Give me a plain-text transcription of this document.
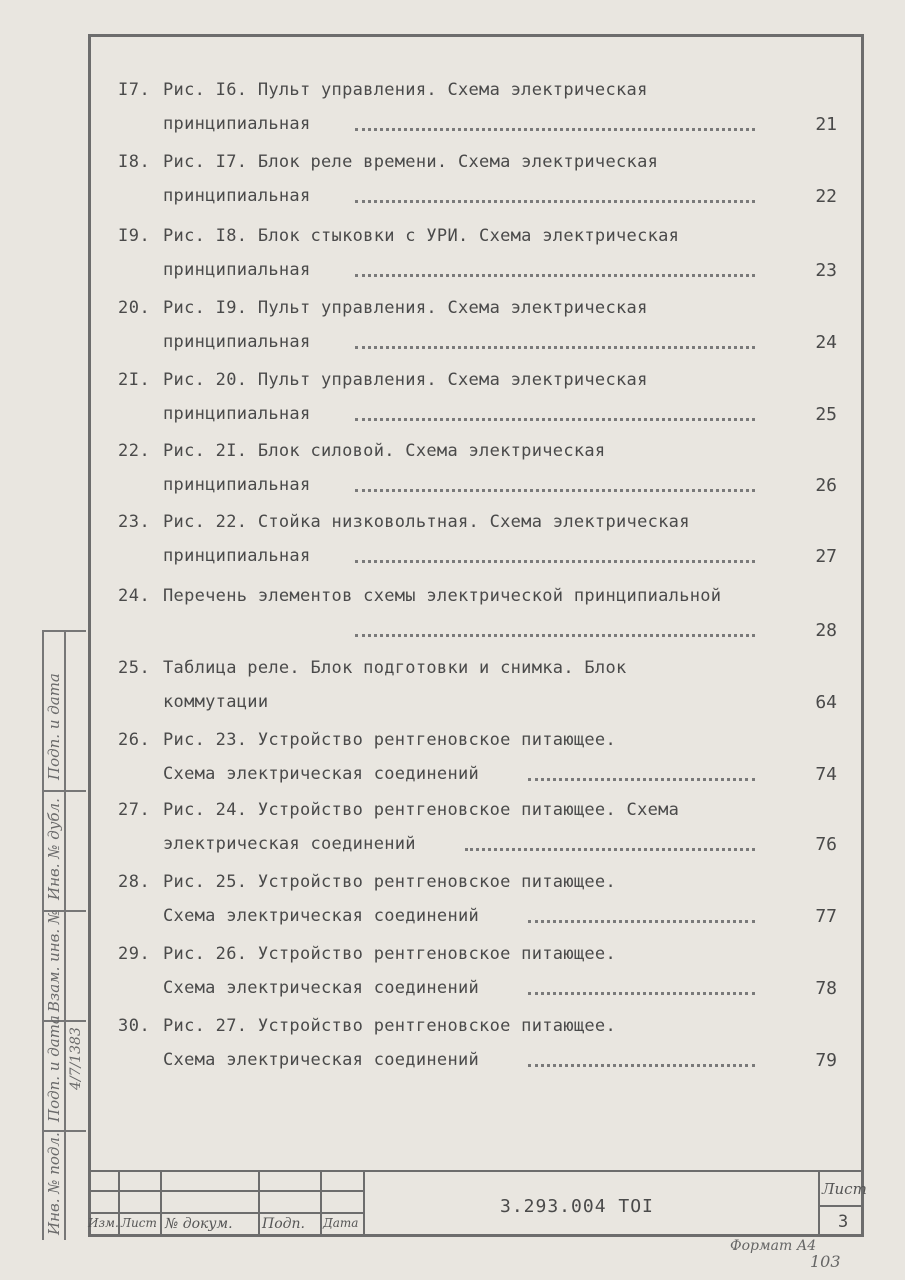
I7. Рис. I6. Пульт управления. Схема электрическая
принципиальная	21
I8. Рис. I7. Блок реле времени. Схема электрическая
принципиальная	22
I9. Рис. I8. Блок стыковки с УРИ. Схема электрическая
принципиальная	23
20. Рис. I9. Пульт управления. Схема электрическая
принципиальная	24
2I. Рис. 20. Пульт управления. Схема электрическая
принципиальная	25
22. Рис. 2I. Блок силовой. Схема электрическая
принципиальная	26
23. Рис. 22. Стойка низковольтная. Схема электрическая
принципиальная	27
24. Перечень элементов схемы электрической принципиальной
28
25. Таблица реле. Блок подготовки и снимка. Блок
коммутации	64
26. Рис. 23. Устройство рентгеновское питающее.
Схема электрическая соединений	74
27. Рис. 24. Устройство рентгеновское питающее. Схема
электрическая соединений	76
28. Рис. 25. Устройство рентгеновское питающее.
Схема электрическая соединений	77
29. Рис. 26. Устройство рентгеновское питающее.
Схема электрическая соединений	78
30. Рис. 27. Устройство рентгеновское питающее.
Схема электрическая соединений	79
Изм. Лист № докум. Подп. Дата
3.293.004 ТОI
Лист
3
Подп. и дата
Инв. № дубл.
Взам. инв. №
Подп. и дата
Инв. № подл.
4/7/1383
Формат А4
103
